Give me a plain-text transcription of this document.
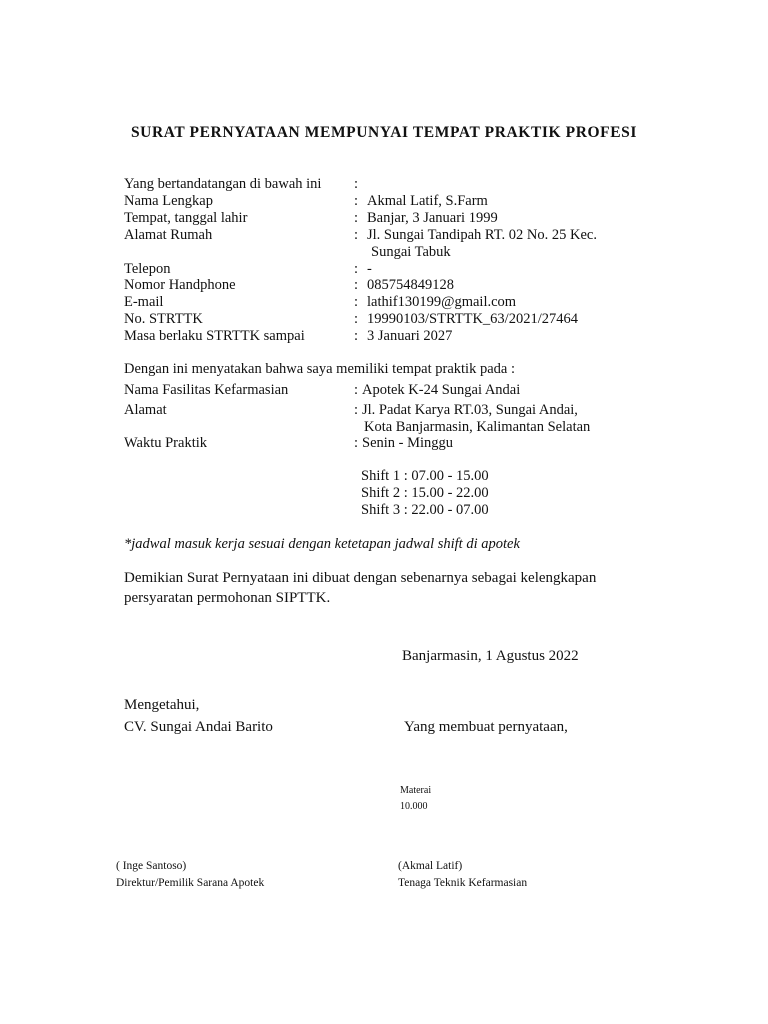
SURAT PERNYATAAN MEMPUNYAI TEMPAT PRAKTIK PROFESI
Yang bertandatangan di bawah ini :
Nama Lengkap	: Akmal Latif, S.Farm
Tempat, tanggal lahir	: Banjar, 3 Januari 1999
Alamat Rumah	: Jl. Sungai Tandipah RT. 02 No. 25 Kec.
Sungai Tabuk
Telepon	: -
Nomor Handphone	: 085754849128
E-mail	: lathif130199@gmail.com
No. STRTTK	: 19990103/STRTTK_63/2021/27464
Masa berlaku STRTTK sampai	: 3 Januari 2027
Dengan ini menyatakan bahwa saya memiliki tempat praktik pada :
Nama Fasilitas Kefarmasian	: Apotek K-24 Sungai Andai
Alamat	: Jl. Padat Karya RT.03, Sungai Andai,
Kota Banjarmasin, Kalimantan Selatan
Waktu Praktik	: Senin - Minggu
Shift 1 : 07.00 - 15.00
Shift 2 : 15.00 - 22.00
Shift 3 : 22.00 - 07.00
*jadwal masuk kerja sesuai dengan ketetapan jadwal shift di apotek
Demikian Surat Pernyataan ini dibuat dengan sebenarnya sebagai kelengkapan
persyaratan permohonan SIPTTK.
Banjarmasin, 1 Agustus 2022
Mengetahui,
CV. Sungai Andai Barito	Yang membuat pernyataan,
Materai
10.000
( Inge Santoso)
Direktur/Pemilik Sarana Apotek
(Akmal Latif)
Tenaga Teknik Kefarmasian
